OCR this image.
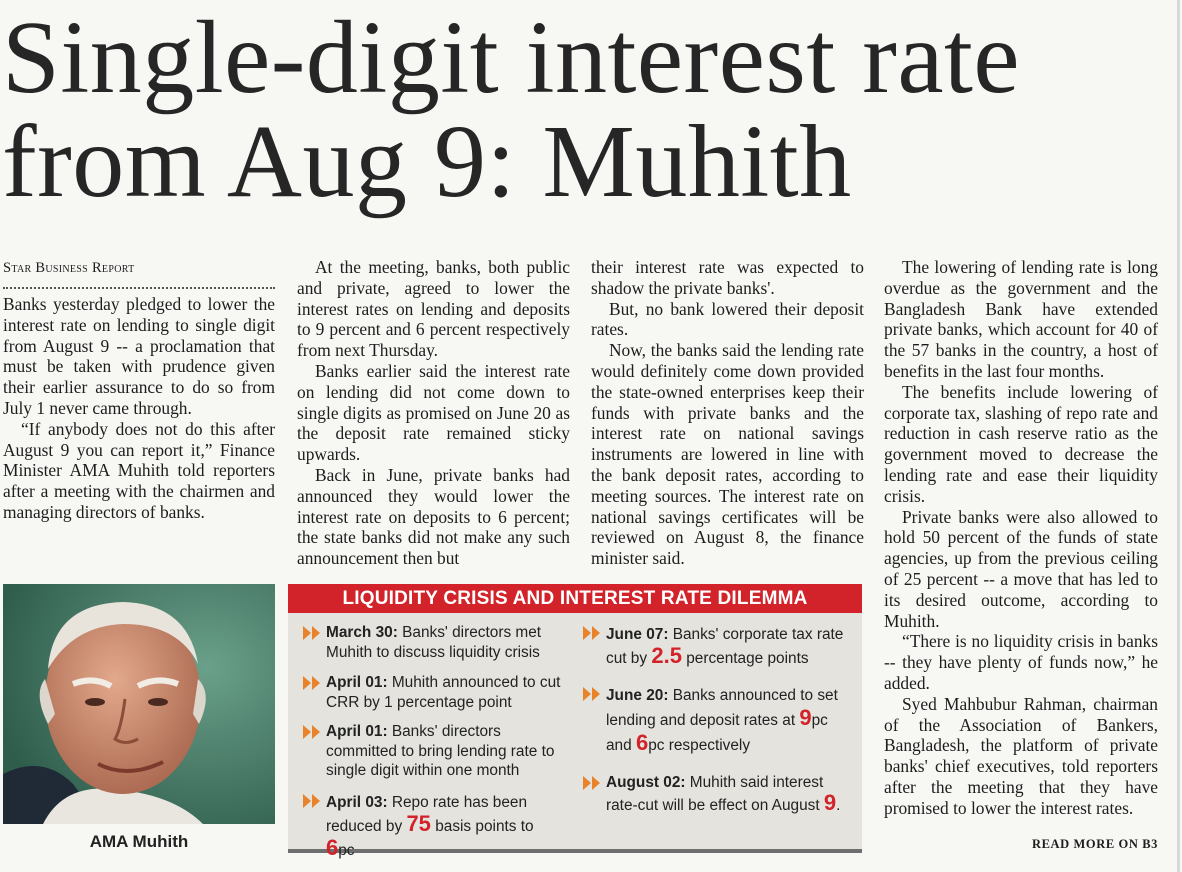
Single-digit interest rate
from Aug 9: Muhith
Star Business Report

Banks yesterday pledged to lower the interest rate on lending to single digit from August 9 -- a proclamation that must be taken with prudence given their earlier assurance to do so from July 1 never came through.

“If anybody does not do this after August 9 you can report it,” Finance Minister AMA Muhith told reporters after a meeting with the chairmen and managing directors of banks.

At the meeting, banks, both public and private, agreed to lower the interest rates on lending and deposits to 9 percent and 6 percent respectively from next Thursday.

Banks earlier said the interest rate on lending did not come down to single digits as promised on June 20 as the deposit rate remained sticky upwards.

Back in June, private banks had announced they would lower the interest rate on deposits to 6 percent; the state banks did not make any such announcement then but

their interest rate was expected to shadow the private banks'.

But, no bank lowered their deposit rates.

Now, the banks said the lending rate would definitely come down provided the state-owned enterprises keep their funds with private banks and the interest rate on national savings instruments are lowered in line with the bank deposit rates, according to meeting sources. The interest rate on national savings certificates will be reviewed on August 8, the finance minister said.

The lowering of lending rate is long overdue as the government and the Bangladesh Bank have extended private banks, which account for 40 of the 57 banks in the country, a host of benefits in the last four months.

The benefits include lowering of corporate tax, slashing of repo rate and reduction in cash reserve ratio as the government moved to decrease the lending rate and ease their liquidity crisis.

Private banks were also allowed to hold 50 percent of the funds of state agencies, up from the previous ceiling of 25 percent -- a move that has led to its desired outcome, according to Muhith.

“There is no liquidity crisis in banks -- they have plenty of funds now,” he added.

Syed Mahbubur Rahman, chairman of the Association of Bankers, Bangladesh, the platform of private banks' chief executives, told reporters after the meeting that they have promised to lower the interest rates.

READ MORE ON B3
AMA Muhith
LIQUIDITY CRISIS AND INTEREST RATE DILEMMA
March 30: Banks' directors met Muhith to discuss liquidity crisis
April 01: Muhith announced to cut CRR by 1 percentage point
April 01: Banks' directors committed to bring lending rate to single digit within one month
April 03: Repo rate has been reduced by 75 basis points to 6pc
June 07: Banks' corporate tax rate cut by 2.5 percentage points
June 20: Banks announced to set lending and deposit rates at 9pc and 6pc respectively
August 02: Muhith said interest rate-cut will be effect on August 9.
